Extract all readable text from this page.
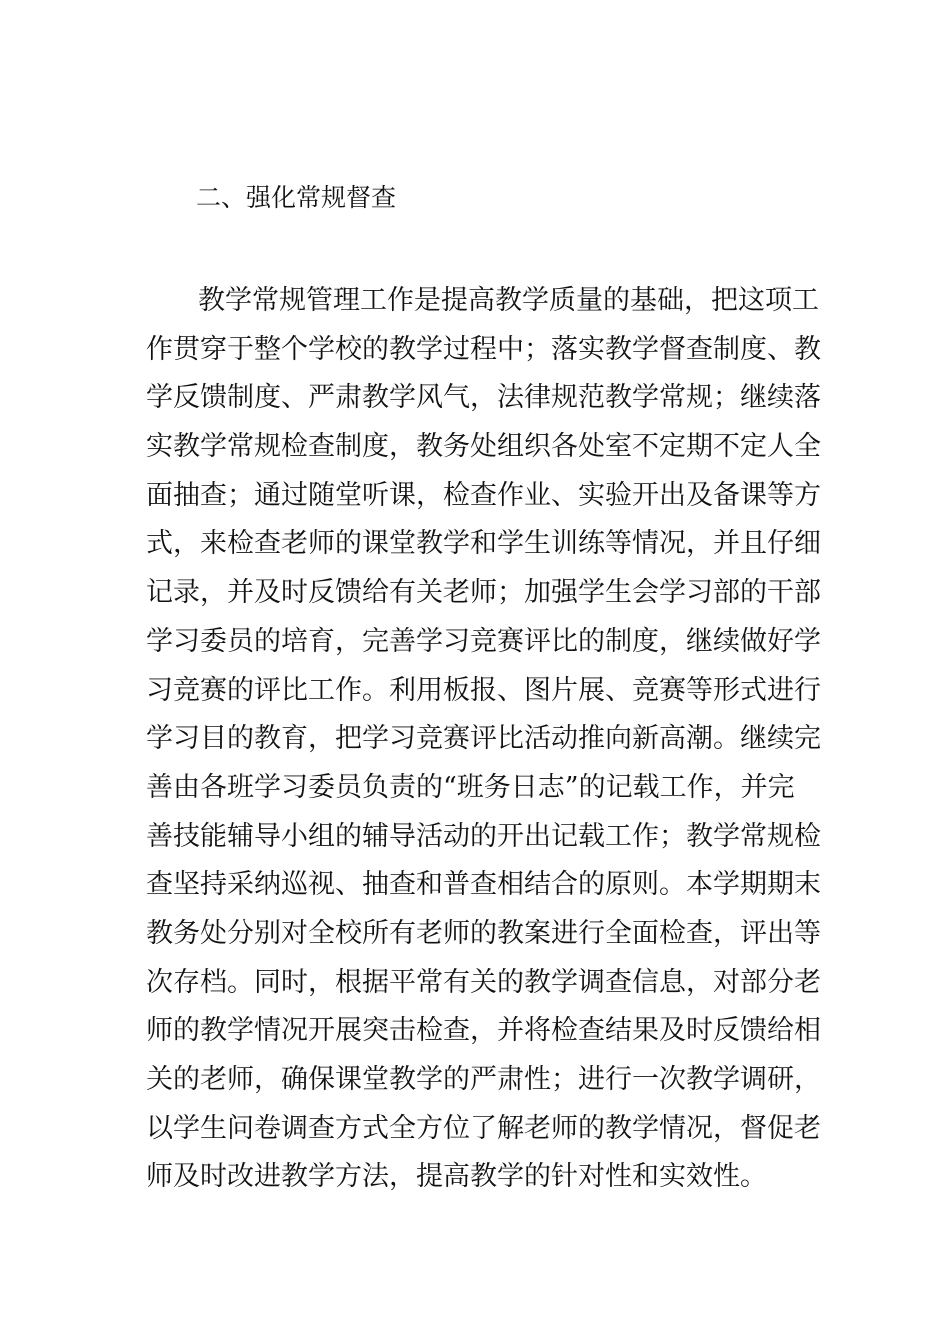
二、强化常规督查
教学常规管理工作是提高教学质量的基础，把这项工
作贯穿于整个学校的教学过程中；落实教学督查制度、教
学反馈制度、严肃教学风气，法律规范教学常规；继续落
实教学常规检查制度，教务处组织各处室不定期不定人全
面抽查；通过随堂听课，检查作业、实验开出及备课等方
式，来检查老师的课堂教学和学生训练等情况，并且仔细
记录，并及时反馈给有关老师；加强学生会学习部的干部
学习委员的培育，完善学习竞赛评比的制度，继续做好学
习竞赛的评比工作。利用板报、图片展、竞赛等形式进行
学习目的教育，把学习竞赛评比活动推向新高潮。继续完
善由各班学习委员负责的“班务日志”的记载工作，并完
善技能辅导小组的辅导活动的开出记载工作；教学常规检
查坚持采纳巡视、抽查和普查相结合的原则。本学期期末
教务处分别对全校所有老师的教案进行全面检查，评出等
次存档。同时，根据平常有关的教学调查信息，对部分老
师的教学情况开展突击检查，并将检查结果及时反馈给相
关的老师，确保课堂教学的严肃性；进行一次教学调研，
以学生问卷调查方式全方位了解老师的教学情况，督促老
师及时改进教学方法，提高教学的针对性和实效性。
